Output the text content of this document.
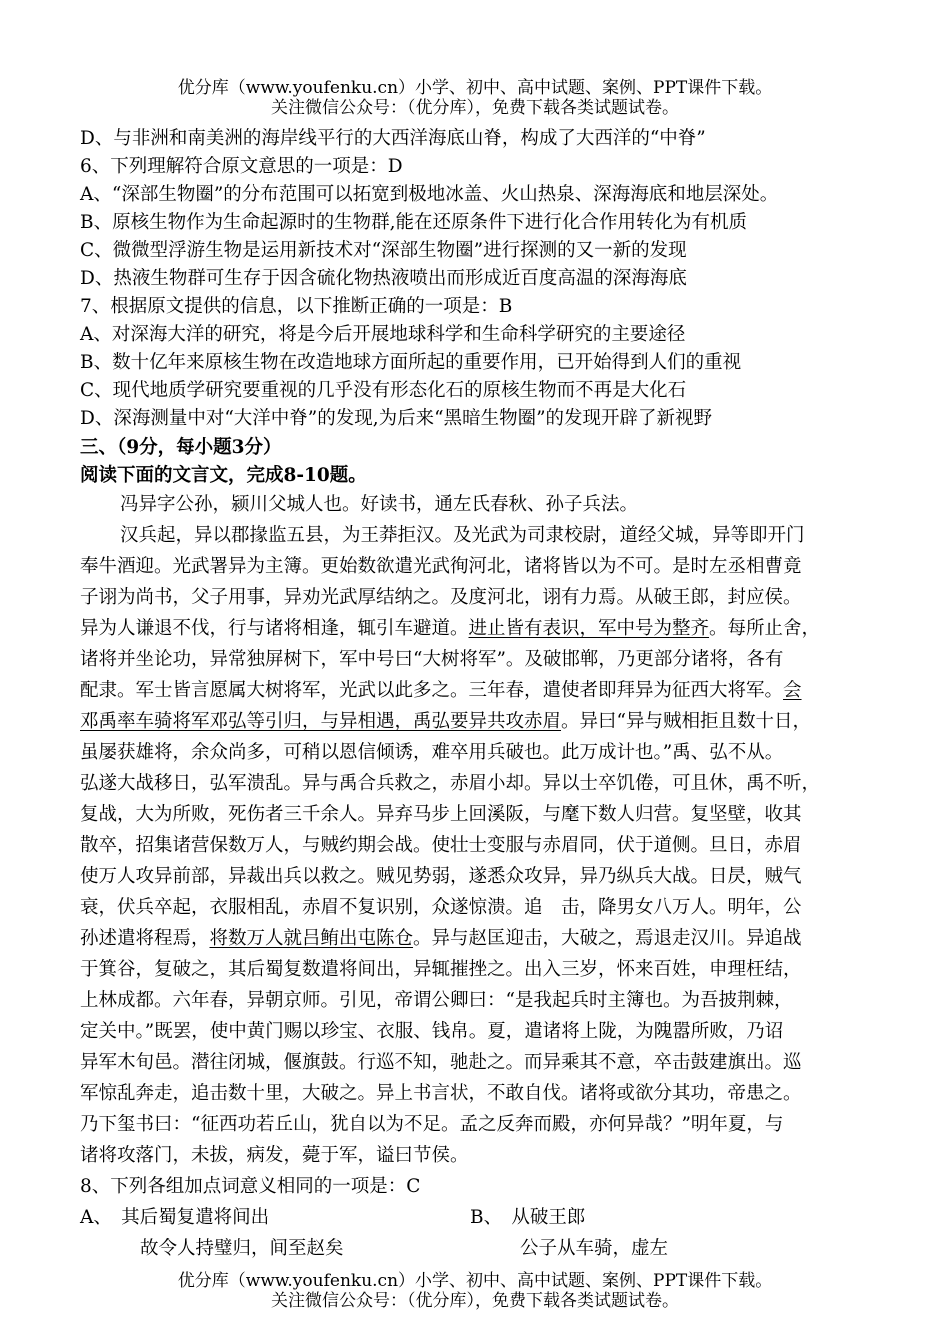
优分库（www.youfenku.cn）小学、初中、高中试题、案例、PPT课件下载。
关注微信公众号：（优分库），免费下载各类试题试卷。
D、与非洲和南美洲的海岸线平行的大西洋海底山脊，构成了大西洋的“中脊”
6、下列理解符合原文意思的一项是：D
A、“深部生物圈”的分布范围可以拓宽到极地冰盖、火山热泉、深海海底和地层深处。
B、原核生物作为生命起源时的生物群,能在还原条件下进行化合作用转化为有机质
C、微微型浮游生物是运用新技术对“深部生物圈”进行探测的又一新的发现
D、热液生物群可生存于因含硫化物热液喷出而形成近百度高温的深海海底
7、根据原文提供的信息，以下推断正确的一项是：B
A、对深海大洋的研究，将是今后开展地球科学和生命科学研究的主要途径
B、数十亿年来原核生物在改造地球方面所起的重要作用，已开始得到人们的重视
C、现代地质学研究要重视的几乎没有形态化石的原核生物而不再是大化石
D、深海测量中对“大洋中脊”的发现,为后来“黑暗生物圈”的发现开辟了新视野
三、（9分，每小题3分）
阅读下面的文言文，完成8-10题。
冯异字公孙，颍川父城人也。好读书，通左氏春秋、孙子兵法。
汉兵起，异以郡掾监五县，为王莽拒汉。及光武为司隶校尉，道经父城，异等即开门
奉牛酒迎。光武署异为主簿。更始数欲遣光武徇河北，诸将皆以为不可。是时左丞相曹竟
子诩为尚书，父子用事，异劝光武厚结纳之。及度河北，诩有力焉。从破王郎，封应侯。
异为人谦退不伐，行与诸将相逢，辄引车避道。进止皆有表识，军中号为整齐。每所止舍，
诸将并坐论功，异常独屏树下，军中号曰“大树将军”。及破邯郸，乃更部分诸将，各有
配隶。军士皆言愿属大树将军，光武以此多之。三年春，遣使者即拜异为征西大将军。会
邓禹率车骑将军邓弘等引归，与异相遇，禹弘要异共攻赤眉。异曰“异与贼相拒且数十日，
虽屡获雄将，余众尚多，可稍以恩信倾诱，难卒用兵破也。此万成计也。”禹、弘不从。
弘遂大战移日，弘军溃乱。异与禹合兵救之，赤眉小却。异以士卒饥倦，可且休，禹不听，
复战，大为所败，死伤者三千余人。异弃马步上回溪阪，与麾下数人归营。复坚壁，收其
散卒，招集诸营保数万人，与贼约期会战。使壮士变服与赤眉同，伏于道侧。旦日，赤眉
使万人攻异前部，异裁出兵以救之。贼见势弱，遂悉众攻异，异乃纵兵大战。日昃，贼气
衰，伏兵卒起，衣服相乱，赤眉不复识别，众遂惊溃。追　击，降男女八万人。明年，公
孙述遣将程焉，将数万人就吕鲔出屯陈仓。异与赵匡迎击，大破之，焉退走汉川。异追战
于箕谷，复破之，其后蜀复数遣将间出，异辄摧挫之。出入三岁，怀来百姓，申理枉结，
上林成都。六年春，异朝京师。引见，帝谓公卿曰：“是我起兵时主簿也。为吾披荆棘，
定关中。”既罢，使中黄门赐以珍宝、衣服、钱帛。夏，遣诸将上陇，为隗嚣所败，乃诏
异军木旬邑。潜往闭城，偃旗鼓。行巡不知，驰赴之。而异乘其不意，卒击鼓建旗出。巡
军惊乱奔走，追击数十里，大破之。异上书言状，不敢自伐。诸将或欲分其功，帝患之。
乃下玺书曰：“征西功若丘山，犹自以为不足。孟之反奔而殿，亦何异哉？”明年夏，与
诸将攻落门，未拔，病发，薨于军，谥曰节侯。
8、下列各组加点词意义相同的一项是：C
A、　其后蜀复遣将间出	B、　从破王郎
故令人持璧归，间至赵矣	公子从车骑，虚左
优分库（www.youfenku.cn）小学、初中、高中试题、案例、PPT课件下载。
关注微信公众号：（优分库），免费下载各类试题试卷。
